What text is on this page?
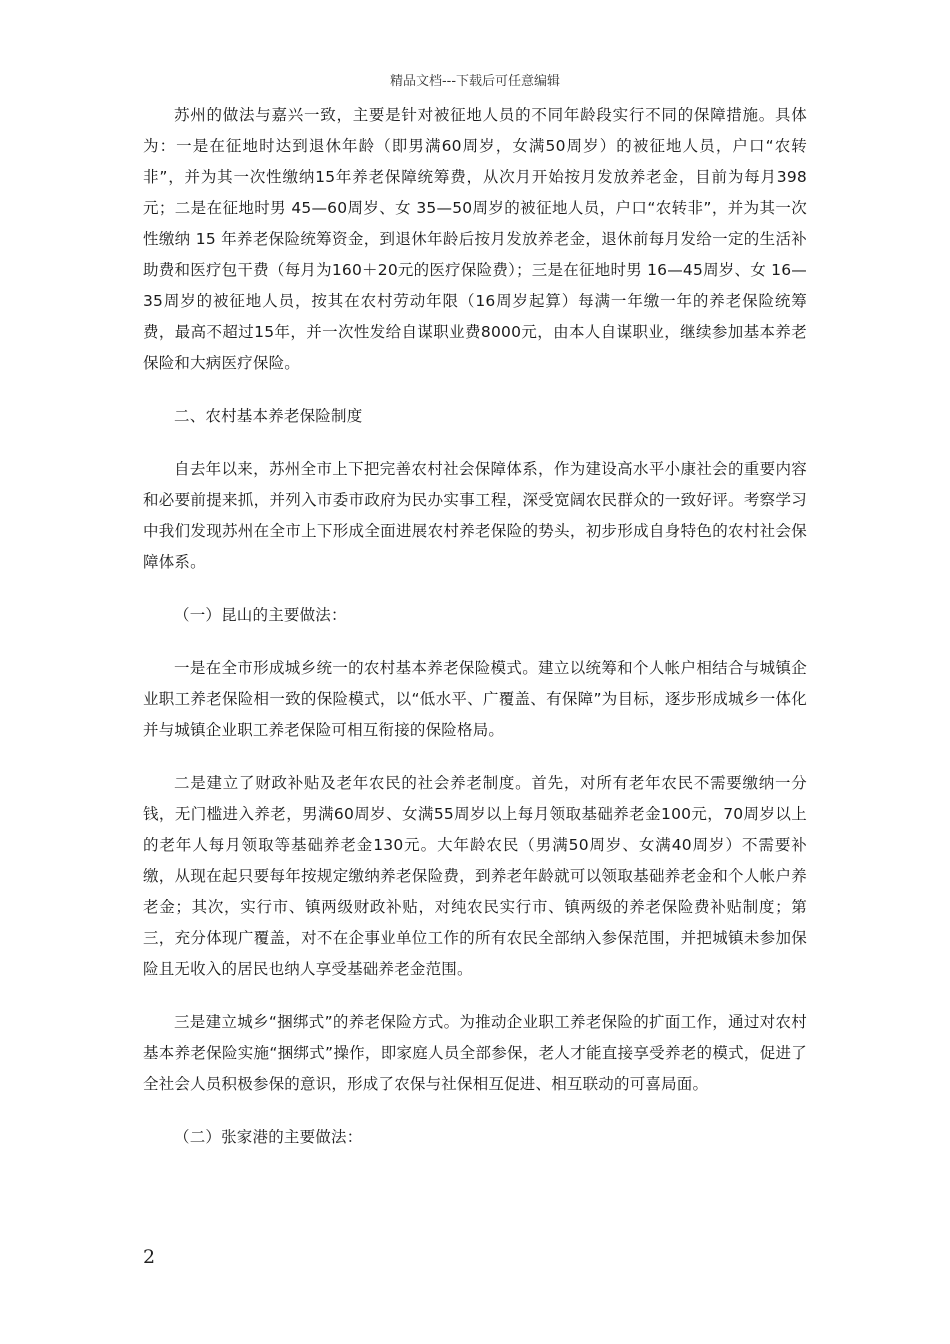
精品文档---下载后可任意编辑

苏州的做法与嘉兴一致，主要是针对被征地人员的不同年龄段实行不同的保障措施。具体为：一是在征地时达到退休年龄（即男满60周岁，女满50周岁）的被征地人员，户口“农转非”，并为其一次性缴纳15年养老保障统筹费，从次月开始按月发放养老金，目前为每月398元；二是在征地时男 45—60周岁、女 35—50周岁的被征地人员，户口“农转非”，并为其一次性缴纳 15 年养老保险统筹资金，到退休年龄后按月发放养老金，退休前每月发给一定的生活补助费和医疗包干费（每月为160＋20元的医疗保险费）；三是在征地时男 16—45周岁、女 16—35周岁的被征地人员，按其在农村劳动年限（16周岁起算）每满一年缴一年的养老保险统筹费，最高不超过15年，并一次性发给自谋职业费8000元，由本人自谋职业，继续参加基本养老保险和大病医疗保险。

二、农村基本养老保险制度

自去年以来，苏州全市上下把完善农村社会保障体系，作为建设高水平小康社会的重要内容和必要前提来抓，并列入市委市政府为民办实事工程，深受宽阔农民群众的一致好评。考察学习中我们发现苏州在全市上下形成全面进展农村养老保险的势头，初步形成自身特色的农村社会保障体系。

（一）昆山的主要做法：

一是在全市形成城乡统一的农村基本养老保险模式。建立以统筹和个人帐户相结合与城镇企业职工养老保险相一致的保险模式，以“低水平、广覆盖、有保障”为目标，逐步形成城乡一体化并与城镇企业职工养老保险可相互衔接的保险格局。

二是建立了财政补贴及老年农民的社会养老制度。首先，对所有老年农民不需要缴纳一分钱，无门槛进入养老，男满60周岁、女满55周岁以上每月领取基础养老金100元，70周岁以上的老年人每月领取等基础养老金130元。大年龄农民（男满50周岁、女满40周岁）不需要补缴，从现在起只要每年按规定缴纳养老保险费，到养老年龄就可以领取基础养老金和个人帐户养老金；其次，实行市、镇两级财政补贴，对纯农民实行市、镇两级的养老保险费补贴制度；第三，充分体现广覆盖，对不在企事业单位工作的所有农民全部纳入参保范围，并把城镇未参加保险且无收入的居民也纳人享受基础养老金范围。

三是建立城乡“捆绑式”的养老保险方式。为推动企业职工养老保险的扩面工作，通过对农村基本养老保险实施“捆绑式”操作，即家庭人员全部参保，老人才能直接享受养老的模式，促进了全社会人员积极参保的意识，形成了农保与社保相互促进、相互联动的可喜局面。

（二）张家港的主要做法：

2
